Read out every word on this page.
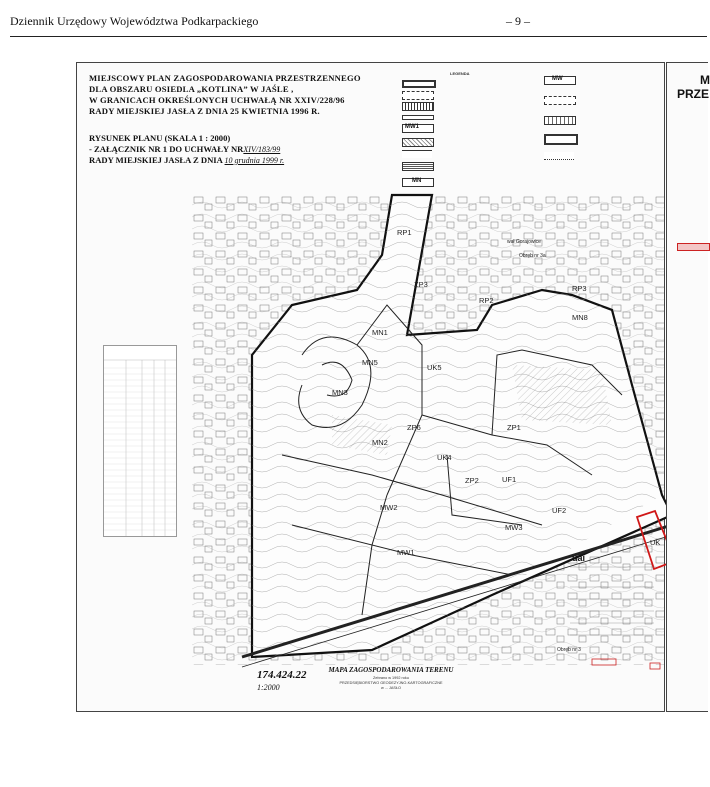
Dziennik Urzędowy Województwa Podkarpackiego	– 9 –
MIEJSCOWY PLAN ZAGOSPODAROWANIA PRZESTRZENNEGO
DLA OBSZARU OSIEDLA „KOTLINA” W JAŚLE ,
W GRANICACH OKREŚLONYCH UCHWAŁĄ NR XXIV/228/96
RADY MIEJSKIEJ JASŁA Z DNIA 25 KWIETNIA 1996 R.
RYSUNEK PLANU (SKALA 1 : 2000)
- ZAŁĄCZNIK NR 1 DO UCHWAŁY NRXIV/183/99
RADY MIEJSKIEJ JASŁA Z DNIA 10 grudnia 1999 r.
LEGENDA
MW1
MN
MW
RP1
ZP3
RP2
RP3
MN8
MN1
MN5
UK5
MN3
MN2
ZP6
UK4
ZP1
UF1
ZP2
MW2
MW3
UF2
MW1
UK
wał Gorajowice
Obręb nr 3a
Obręb nr 3
174.424.22
1:2000
MAPA ZAGOSPODAROWANIA TERENU
Zebrano w 1992 roku
PRZEDSIĘBIORSTWO GEODEZYJNO-KARTOGRAFICZNE
w ... JASŁO
uai
M
PRZE
